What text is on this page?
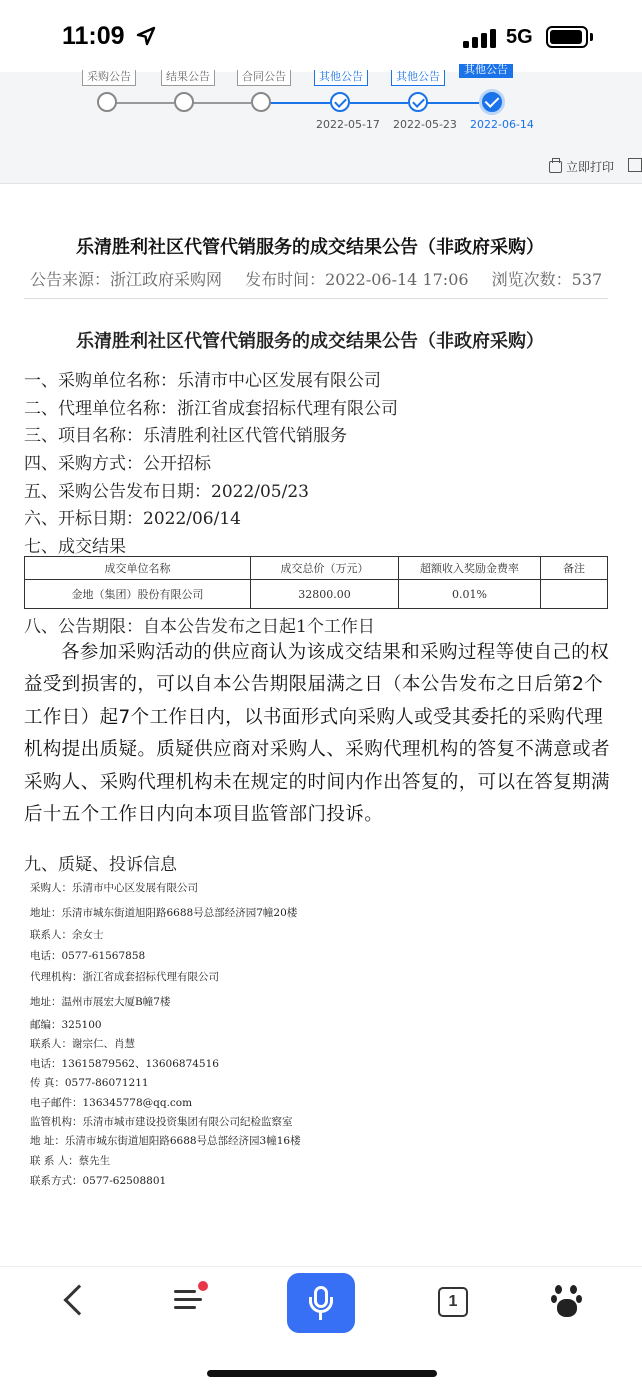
11:09	5G
采购公告	结果公告	合同公告	其他公告	其他公告
其他公告
2022-05-17 2022-05-23 2022-06-14
立即打印
乐清胜利社区代管代销服务的成交结果公告（非政府采购）
公告来源：浙江政府采购网 发布时间：2022-06-14 17:06 浏览次数：537
乐清胜利社区代管代销服务的成交结果公告（非政府采购）
一、采购单位名称：乐清市中心区发展有限公司
二、代理单位名称：浙江省成套招标代理有限公司
三、项目名称：乐清胜利社区代管代销服务
四、采购方式：公开招标
五、采购公告发布日期：2022/05/23
六、开标日期：2022/06/14
七、成交结果
成交单位名称	成交总价（万元）	超额收入奖励金费率	备注
金地（集团）股份有限公司	32800.00	0.01%	
八、公告期限：自本公告发布之日起1个工作日
各参加采购活动的供应商认为该成交结果和采购过程等使自己的权益受到损害的，可以自本公告期限届满之日（本公告发布之日后第2个工作日）起7个工作日内，以书面形式向采购人或受其委托的采购代理机构提出质疑。质疑供应商对采购人、采购代理机构的答复不满意或者采购人、采购代理机构未在规定的时间内作出答复的，可以在答复期满后十五个工作日内向本项目监管部门投诉。
九、质疑、投诉信息
采购人：乐清市中心区发展有限公司
地址：乐清市城东街道旭阳路6688号总部经济园7幢20楼
联系人：余女士
电话：0577-61567858
代理机构：浙江省成套招标代理有限公司
地址：温州市展宏大厦B幢7楼
邮编：325100
联系人：谢宗仁、肖慧
电话：13615879562、13606874516
传 真：0577-86071211
电子邮件：136345778@qq.com
监管机构：乐清市城市建设投资集团有限公司纪检监察室
地 址：乐清市城东街道旭阳路6688号总部经济园3幢16楼
联 系 人：蔡先生
联系方式：0577-62508801
1
